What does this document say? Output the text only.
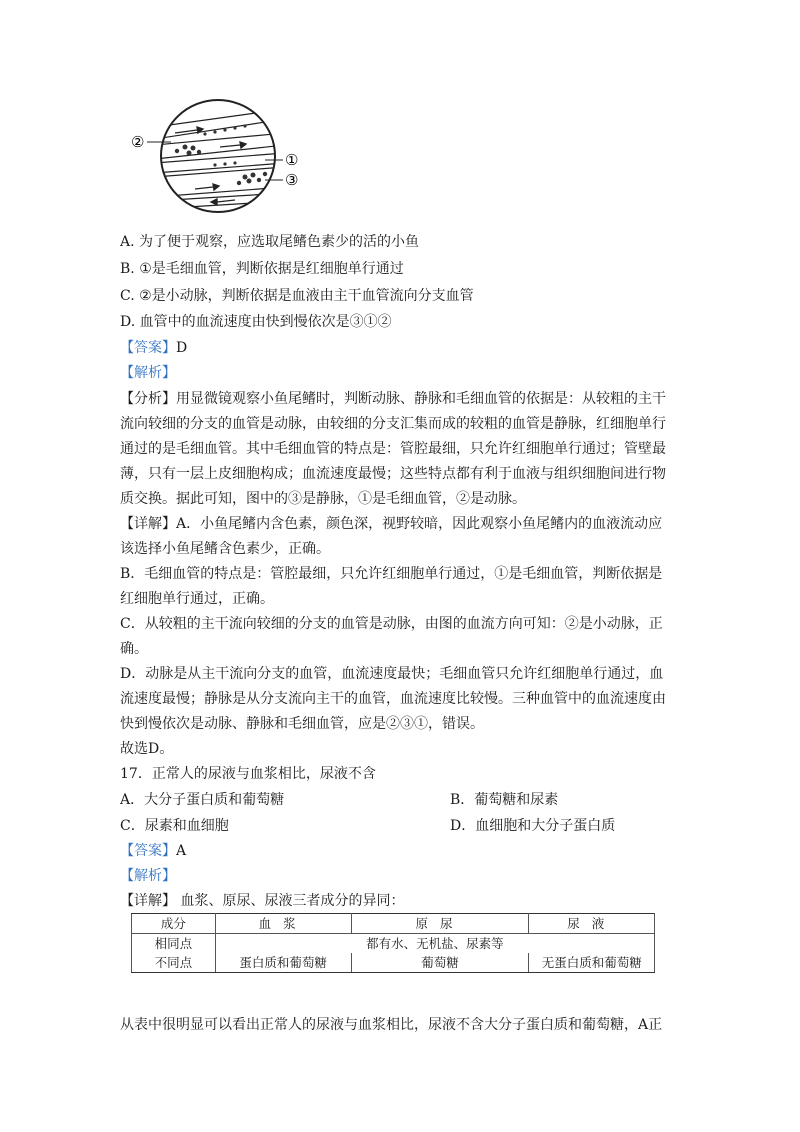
②
①
③
A. 为了便于观察，应选取尾鳍色素少的活的小鱼
B. ①是毛细血管，判断依据是红细胞单行通过
C. ②是小动脉，判断依据是血液由主干血管流向分支血管
D. 血管中的血流速度由快到慢依次是③①②
【答案】D
【解析】
【分析】用显微镜观察小鱼尾鳍时，判断动脉、静脉和毛细血管的依据是：从较粗的主干
流向较细的分支的血管是动脉，由较细的分支汇集而成的较粗的血管是静脉，红细胞单行
通过的是毛细血管。其中毛细血管的特点是：管腔最细，只允许红细胞单行通过；管壁最
薄，只有一层上皮细胞构成；血流速度最慢；这些特点都有利于血液与组织细胞间进行物
质交换。据此可知，图中的③是静脉，①是毛细血管，②是动脉。
【详解】A．小鱼尾鳍内含色素，颜色深，视野较暗，因此观察小鱼尾鳍内的血液流动应
该选择小鱼尾鳍含色素少，正确。
B．毛细血管的特点是：管腔最细，只允许红细胞单行通过，①是毛细血管，判断依据是
红细胞单行通过，正确。
C．从较粗的主干流向较细的分支的血管是动脉，由图的血流方向可知：②是小动脉，正
确。
D．动脉是从主干流向分支的血管，血流速度最快；毛细血管只允许红细胞单行通过，血
流速度最慢；静脉是从分支流向主干的血管，血流速度比较慢。三种血管中的血流速度由
快到慢依次是动脉、静脉和毛细血管，应是②③①，错误。
故选D。
17．正常人的尿液与血浆相比，尿液不含
A．大分子蛋白质和葡萄糖	B．葡萄糖和尿素
C．尿素和血细胞	D．血细胞和大分子蛋白质
【答案】A
【解析】
【详解】 血浆、原尿、尿液三者成分的异同：
成分	血浆	原尿	尿液
相同点	都有水、无机盐、尿素等		
不同点	蛋白质和葡萄糖	葡萄糖	无蛋白质和葡萄糖
从表中很明显可以看出正常人的尿液与血浆相比，尿液不含大分子蛋白质和葡萄糖，A正
